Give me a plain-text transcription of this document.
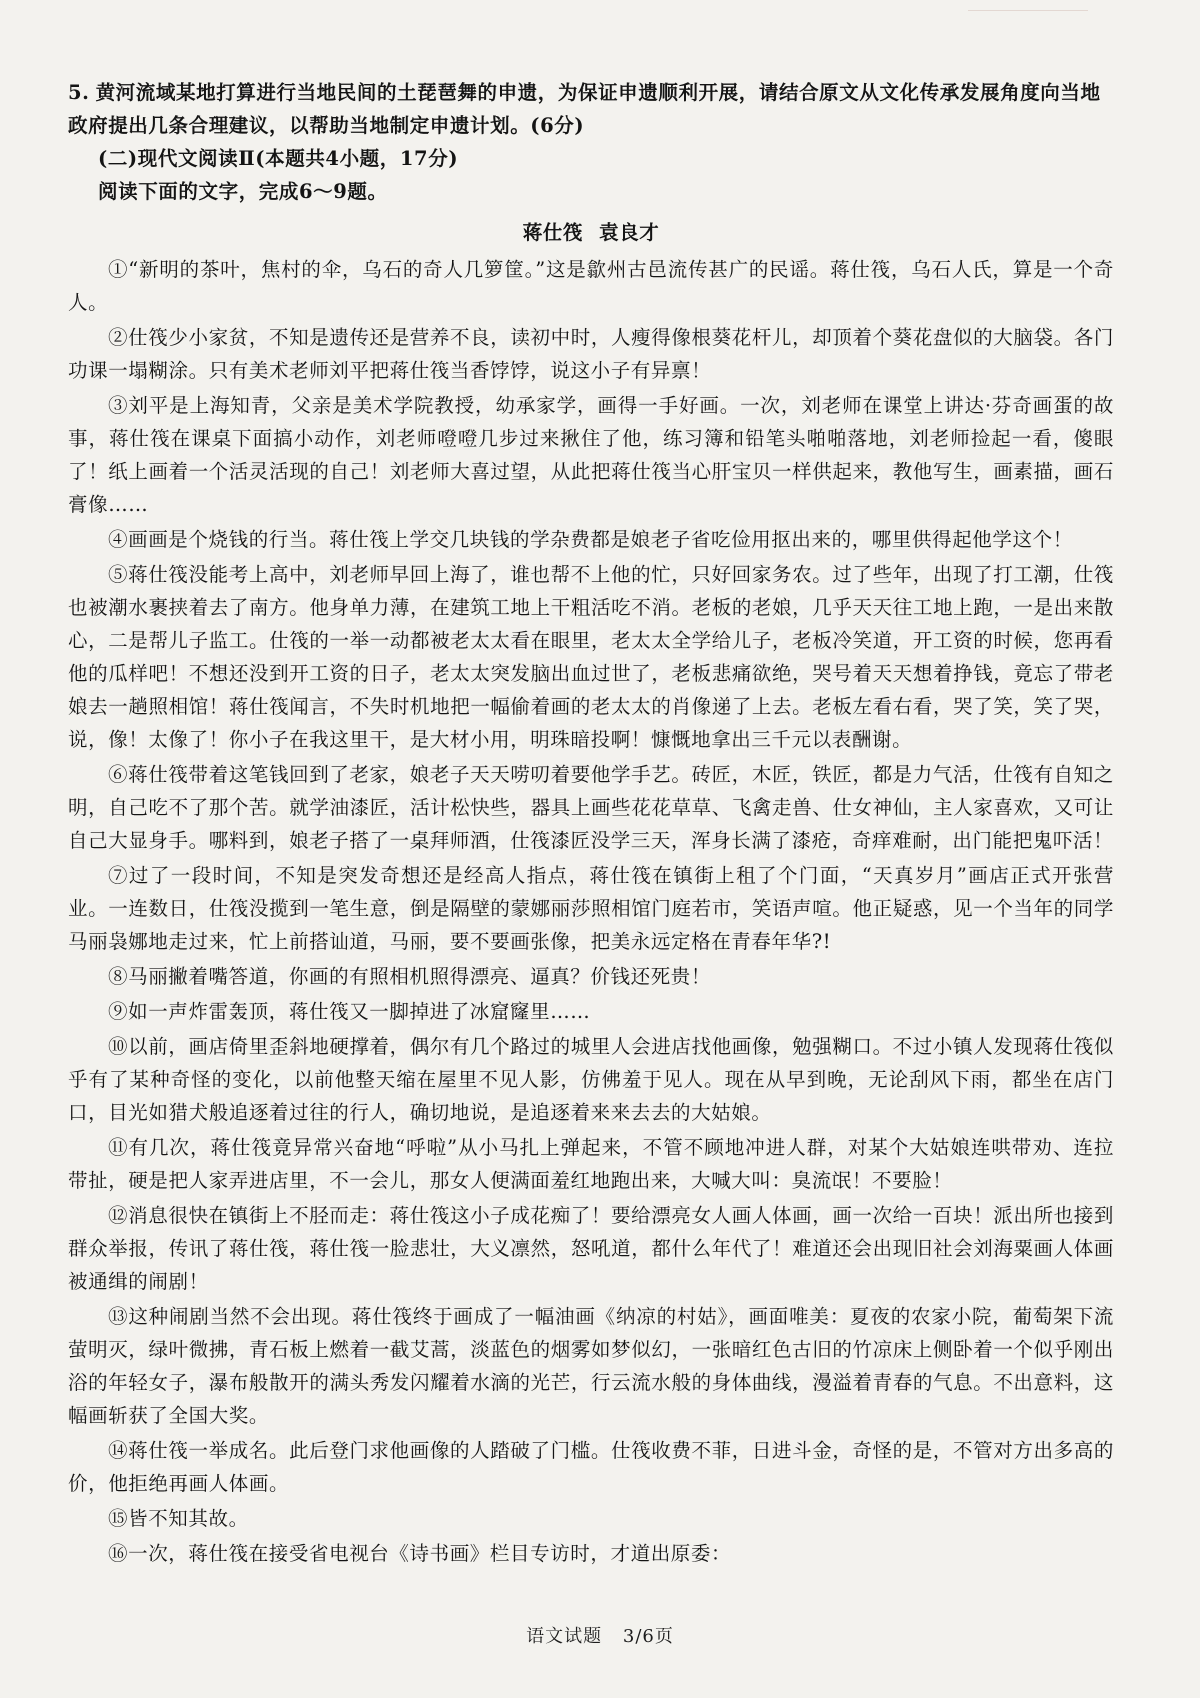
5. 黄河流域某地打算进行当地民间的土琵琶舞的申遗，为保证申遗顺利开展，请结合原文从文化传承发展角度向当地政府提出几条合理建议，以帮助当地制定申遗计划。(6分)

(二)现代文阅读Ⅱ(本题共4小题，17分)

阅读下面的文字，完成6～9题。

蒋仕筏 袁良才

①“新明的茶叶，焦村的伞，乌石的奇人几箩筐。”这是歙州古邑流传甚广的民谣。蒋仕筏，乌石人氏，算是一个奇人。

②仕筏少小家贫，不知是遗传还是营养不良，读初中时，人瘦得像根葵花杆儿，却顶着个葵花盘似的大脑袋。各门功课一塌糊涂。只有美术老师刘平把蒋仕筏当香饽饽，说这小子有异禀！

③刘平是上海知青，父亲是美术学院教授，幼承家学，画得一手好画。一次，刘老师在课堂上讲达·芬奇画蛋的故事，蒋仕筏在课桌下面搞小动作，刘老师噔噔几步过来揪住了他，练习簿和铅笔头啪啪落地，刘老师捡起一看，傻眼了！纸上画着一个活灵活现的自己！刘老师大喜过望，从此把蒋仕筏当心肝宝贝一样供起来，教他写生，画素描，画石膏像……

④画画是个烧钱的行当。蒋仕筏上学交几块钱的学杂费都是娘老子省吃俭用抠出来的，哪里供得起他学这个！

⑤蒋仕筏没能考上高中，刘老师早回上海了，谁也帮不上他的忙，只好回家务农。过了些年，出现了打工潮，仕筏也被潮水裹挟着去了南方。他身单力薄，在建筑工地上干粗活吃不消。老板的老娘，几乎天天往工地上跑，一是出来散心，二是帮儿子监工。仕筏的一举一动都被老太太看在眼里，老太太全学给儿子，老板冷笑道，开工资的时候，您再看他的瓜样吧！不想还没到开工资的日子，老太太突发脑出血过世了，老板悲痛欲绝，哭号着天天想着挣钱，竟忘了带老娘去一趟照相馆！蒋仕筏闻言，不失时机地把一幅偷着画的老太太的肖像递了上去。老板左看右看，哭了笑，笑了哭，说，像！太像了！你小子在我这里干，是大材小用，明珠暗投啊！慷慨地拿出三千元以表酬谢。

⑥蒋仕筏带着这笔钱回到了老家，娘老子天天唠叨着要他学手艺。砖匠，木匠，铁匠，都是力气活，仕筏有自知之明，自己吃不了那个苦。就学油漆匠，活计松快些，器具上画些花花草草、飞禽走兽、仕女神仙，主人家喜欢，又可让自己大显身手。哪料到，娘老子搭了一桌拜师酒，仕筏漆匠没学三天，浑身长满了漆疮，奇痒难耐，出门能把鬼吓活！

⑦过了一段时间，不知是突发奇想还是经高人指点，蒋仕筏在镇街上租了个门面，“天真岁月”画店正式开张营业。一连数日，仕筏没揽到一笔生意，倒是隔壁的蒙娜丽莎照相馆门庭若市，笑语声喧。他正疑惑，见一个当年的同学马丽袅娜地走过来，忙上前搭讪道，马丽，要不要画张像，把美永远定格在青春年华?!

⑧马丽撇着嘴答道，你画的有照相机照得漂亮、逼真？价钱还死贵！

⑨如一声炸雷轰顶，蒋仕筏又一脚掉进了冰窟窿里……

⑩以前，画店倚里歪斜地硬撑着，偶尔有几个路过的城里人会进店找他画像，勉强糊口。不过小镇人发现蒋仕筏似乎有了某种奇怪的变化，以前他整天缩在屋里不见人影，仿佛羞于见人。现在从早到晚，无论刮风下雨，都坐在店门口，目光如猎犬般追逐着过往的行人，确切地说，是追逐着来来去去的大姑娘。

⑪有几次，蒋仕筏竟异常兴奋地“呼啦”从小马扎上弹起来，不管不顾地冲进人群，对某个大姑娘连哄带劝、连拉带扯，硬是把人家弄进店里，不一会儿，那女人便满面羞红地跑出来，大喊大叫：臭流氓！不要脸！

⑫消息很快在镇街上不胫而走：蒋仕筏这小子成花痴了！要给漂亮女人画人体画，画一次给一百块！派出所也接到群众举报，传讯了蒋仕筏，蒋仕筏一脸悲壮，大义凛然，怒吼道，都什么年代了！难道还会出现旧社会刘海粟画人体画被通缉的闹剧！

⑬这种闹剧当然不会出现。蒋仕筏终于画成了一幅油画《纳凉的村姑》，画面唯美：夏夜的农家小院，葡萄架下流萤明灭，绿叶微拂，青石板上燃着一截艾蒿，淡蓝色的烟雾如梦似幻，一张暗红色古旧的竹凉床上侧卧着一个似乎刚出浴的年轻女子，瀑布般散开的满头秀发闪耀着水滴的光芒，行云流水般的身体曲线，漫溢着青春的气息。不出意料，这幅画斩获了全国大奖。

⑭蒋仕筏一举成名。此后登门求他画像的人踏破了门槛。仕筏收费不菲，日进斗金，奇怪的是，不管对方出多高的价，他拒绝再画人体画。

⑮皆不知其故。

⑯一次，蒋仕筏在接受省电视台《诗书画》栏目专访时，才道出原委：

语文试题 3/6页
